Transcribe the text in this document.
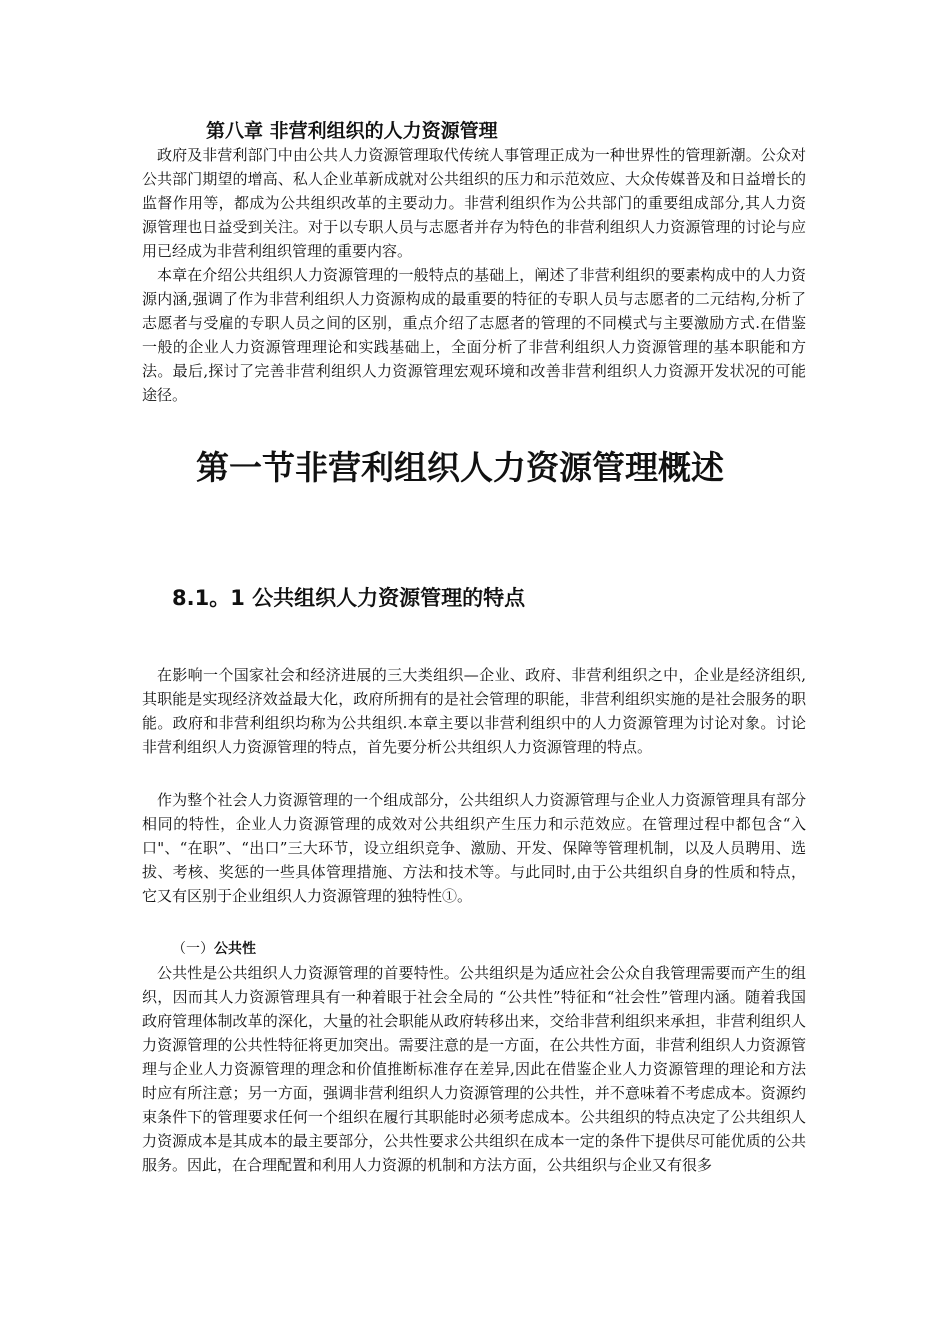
第八章 非营利组织的人力资源管理

政府及非营利部门中由公共人力资源管理取代传统人事管理正成为一种世界性的管理新潮。公众对公共部门期望的增高、私人企业革新成就对公共组织的压力和示范效应、大众传媒普及和日益增长的监督作用等，都成为公共组织改革的主要动力。非营利组织作为公共部门的重要组成部分,其人力资源管理也日益受到关注。对于以专职人员与志愿者并存为特色的非营利组织人力资源管理的讨论与应用已经成为非营利组织管理的重要内容。

本章在介绍公共组织人力资源管理的一般特点的基础上，阐述了非营利组织的要素构成中的人力资源内涵,强调了作为非营利组织人力资源构成的最重要的特征的专职人员与志愿者的二元结构,分析了志愿者与受雇的专职人员之间的区别，重点介绍了志愿者的管理的不同模式与主要激励方式.在借鉴一般的企业人力资源管理理论和实践基础上，全面分析了非营利组织人力资源管理的基本职能和方法。最后,探讨了完善非营利组织人力资源管理宏观环境和改善非营利组织人力资源开发状况的可能途径。

第一节非营利组织人力资源管理概述
8.1。1 公共组织人力资源管理的特点

在影响一个国家社会和经济进展的三大类组织—企业、政府、非营利组织之中，企业是经济组织,其职能是实现经济效益最大化，政府所拥有的是社会管理的职能，非营利组织实施的是社会服务的职能。政府和非营利组织均称为公共组织.本章主要以非营利组织中的人力资源管理为讨论对象。讨论非营利组织人力资源管理的特点，首先要分析公共组织人力资源管理的特点。

作为整个社会人力资源管理的一个组成部分，公共组织人力资源管理与企业人力资源管理具有部分相同的特性，企业人力资源管理的成效对公共组织产生压力和示范效应。在管理过程中都包含“入口"、“在职”、“出口”三大环节，设立组织竞争、激励、开发、保障等管理机制，以及人员聘用、选拔、考核、奖惩的一些具体管理措施、方法和技术等。与此同时,由于公共组织自身的性质和特点，它又有区别于企业组织人力资源管理的独特性①。

（一）公共性

公共性是公共组织人力资源管理的首要特性。公共组织是为适应社会公众自我管理需要而产生的组织，因而其人力资源管理具有一种着眼于社会全局的 “公共性”特征和“社会性”管理内涵。随着我国政府管理体制改革的深化，大量的社会职能从政府转移出来，交给非营利组织来承担，非营利组织人力资源管理的公共性特征将更加突出。需要注意的是一方面，在公共性方面，非营利组织人力资源管理与企业人力资源管理的理念和价值推断标准存在差异,因此在借鉴企业人力资源管理的理论和方法时应有所注意；另一方面，强调非营利组织人力资源管理的公共性，并不意味着不考虑成本。资源约束条件下的管理要求任何一个组织在履行其职能时必须考虑成本。公共组织的特点决定了公共组织人力资源成本是其成本的最主要部分，公共性要求公共组织在成本一定的条件下提供尽可能优质的公共服务。因此，在合理配置和利用人力资源的机制和方法方面，公共组织与企业又有很多
